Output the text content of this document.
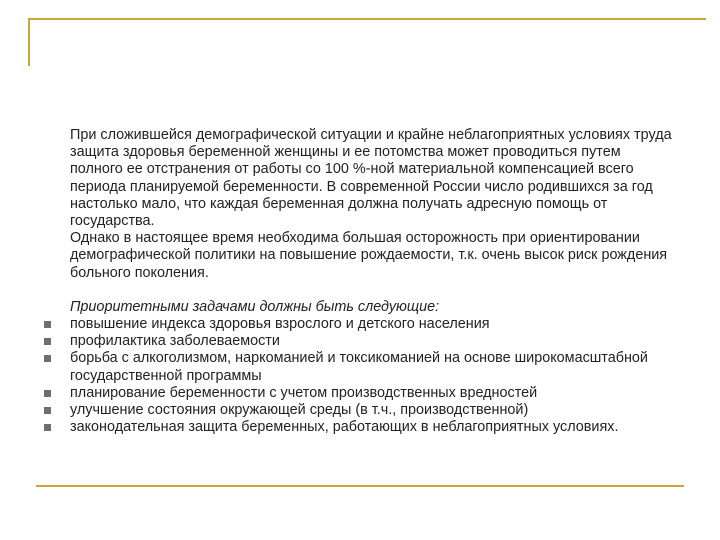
При сложившейся демографической ситуации и крайне неблагоприятных условиях труда защита здоровья беременной женщины и ее потомства может проводиться путем полного ее отстранения от работы со 100 %-ной материальной компенсацией всего периода планируемой беременности. В современной России число родившихся за год настолько мало, что каждая беременная должна получать адресную помощь от государства.

Однако в настоящее время необходима большая осторожность при ориентировании демографической политики на повышение рождаемости, т.к. очень высок риск рождения больного поколения.

Приоритетными задачами должны быть следующие:

повышение индекса здоровья взрослого и детского населения
профилактика заболеваемости
борьба с алкоголизмом, наркоманией и токсикоманией на основе широкомасштабной государственной программы
планирование беременности с учетом производственных вредностей
улучшение состояния окружающей среды (в т.ч., производственной)
законодательная защита беременных, работающих в неблагоприятных условиях.
